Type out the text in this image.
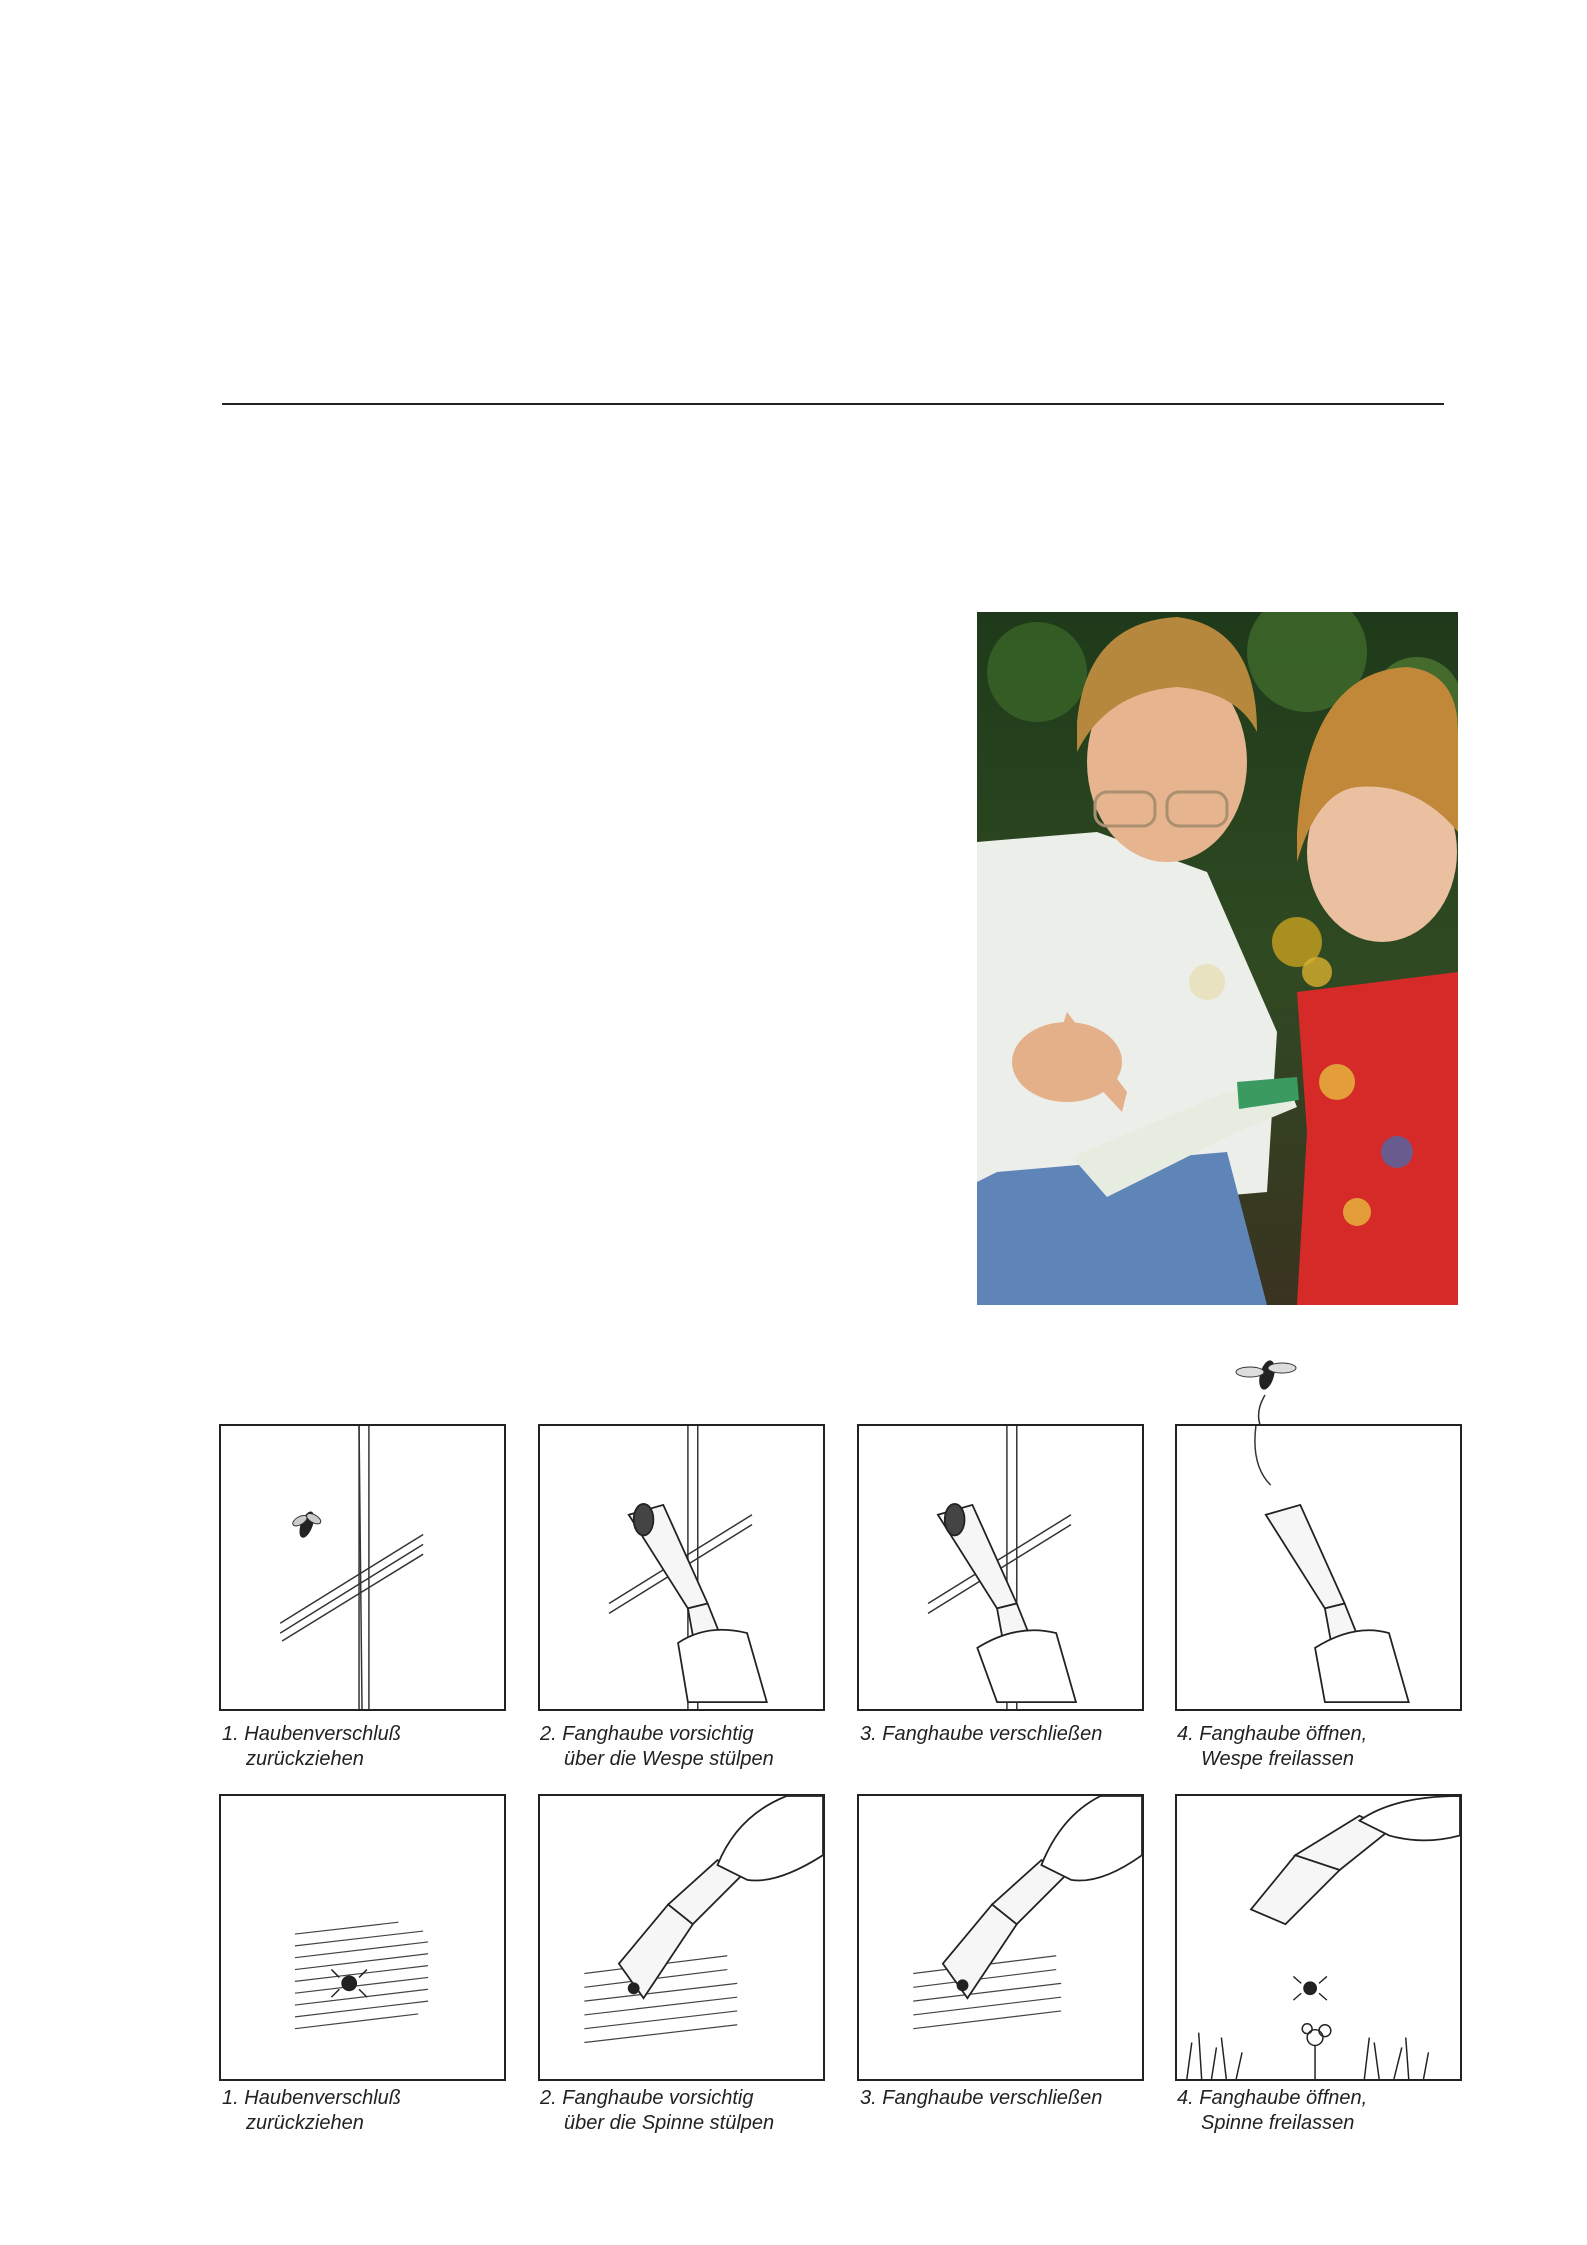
1. Haubenverschluß
zurückziehen
2. Fanghaube vorsichtig
über die Wespe stülpen
3. Fanghaube verschließen	4. Fanghaube öffnen,
Wespe freilassen
1. Haubenverschluß
zurückziehen
2. Fanghaube vorsichtig
über die Spinne stülpen
3. Fanghaube verschließen	4. Fanghaube öffnen,
Spinne freilassen
